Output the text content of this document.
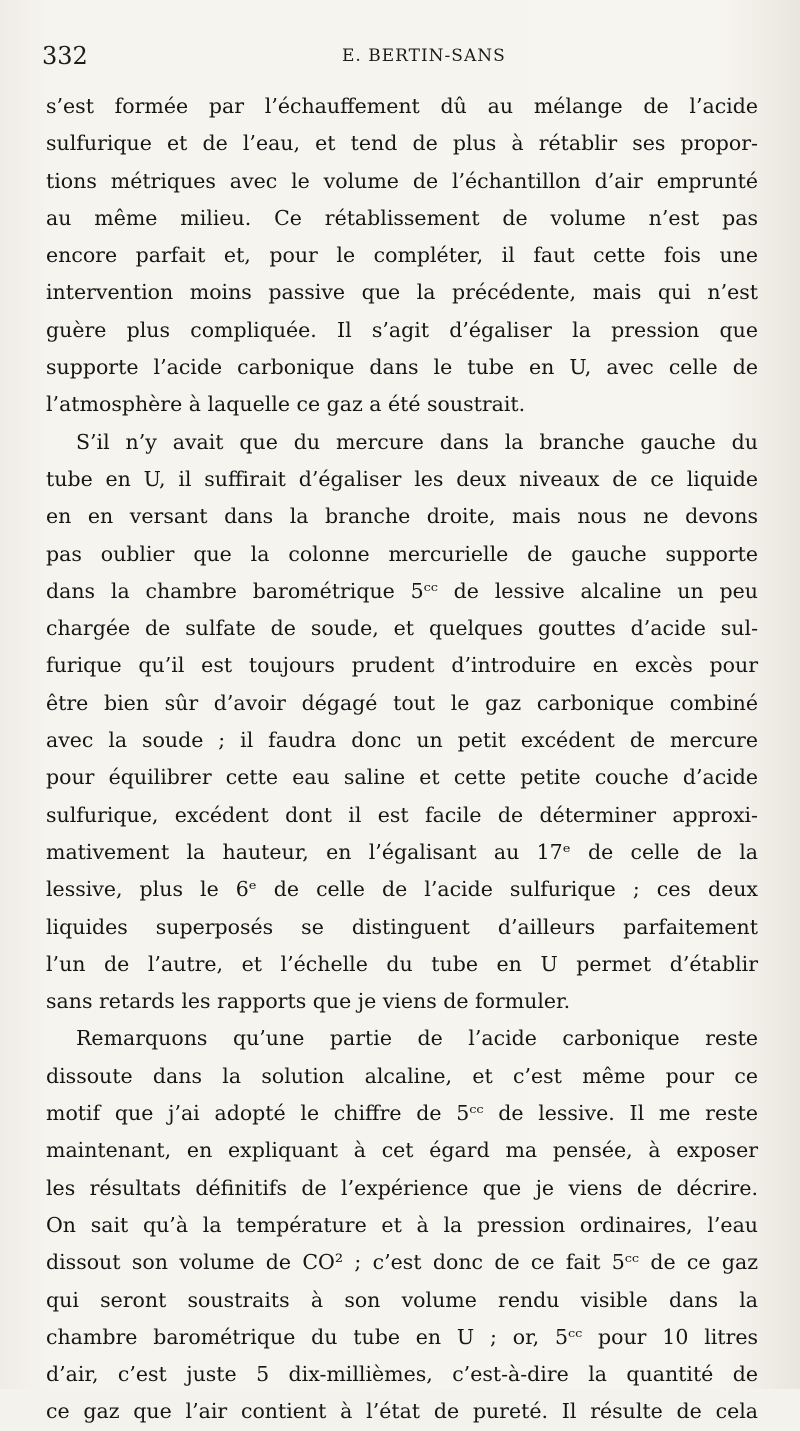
332	E. BERTIN-SANS
s’est formée par l’échauffement dû au mélange de l’acide
sulfurique et de l’eau, et tend de plus à rétablir ses propor-
tions métriques avec le volume de l’échantillon d’air emprunté
au même milieu. Ce rétablissement de volume n’est pas
encore parfait et, pour le compléter, il faut cette fois une
intervention moins passive que la précédente, mais qui n’est
guère plus compliquée. Il s’agit d’égaliser la pression que
supporte l’acide carbonique dans le tube en U, avec celle de
l’atmosphère à laquelle ce gaz a été soustrait.
S’il n’y avait que du mercure dans la branche gauche du
tube en U, il suffirait d’égaliser les deux niveaux de ce liquide
en en versant dans la branche droite, mais nous ne devons
pas oublier que la colonne mercurielle de gauche supporte
dans la chambre barométrique 5ᶜᶜ de lessive alcaline un peu
chargée de sulfate de soude, et quelques gouttes d’acide sul-
furique qu’il est toujours prudent d’introduire en excès pour
être bien sûr d’avoir dégagé tout le gaz carbonique combiné
avec la soude ; il faudra donc un petit excédent de mercure
pour équilibrer cette eau saline et cette petite couche d’acide
sulfurique, excédent dont il est facile de déterminer approxi-
mativement la hauteur, en l’égalisant au 17ᵉ de celle de la
lessive, plus le 6ᵉ de celle de l’acide sulfurique ; ces deux
liquides superposés se distinguent d’ailleurs parfaitement
l’un de l’autre, et l’échelle du tube en U permet d’établir
sans retards les rapports que je viens de formuler.
Remarquons qu’une partie de l’acide carbonique reste
dissoute dans la solution alcaline, et c’est même pour ce
motif que j’ai adopté le chiffre de 5ᶜᶜ de lessive. Il me reste
maintenant, en expliquant à cet égard ma pensée, à exposer
les résultats définitifs de l’expérience que je viens de décrire.
On sait qu’à la température et à la pression ordinaires, l’eau
dissout son volume de CO² ; c’est donc de ce fait 5ᶜᶜ de ce gaz
qui seront soustraits à son volume rendu visible dans la
chambre barométrique du tube en U ; or, 5ᶜᶜ pour 10 litres
d’air, c’est juste 5 dix-millièmes, c’est-à-dire la quantité de
ce gaz que l’air contient à l’état de pureté. Il résulte de cela
